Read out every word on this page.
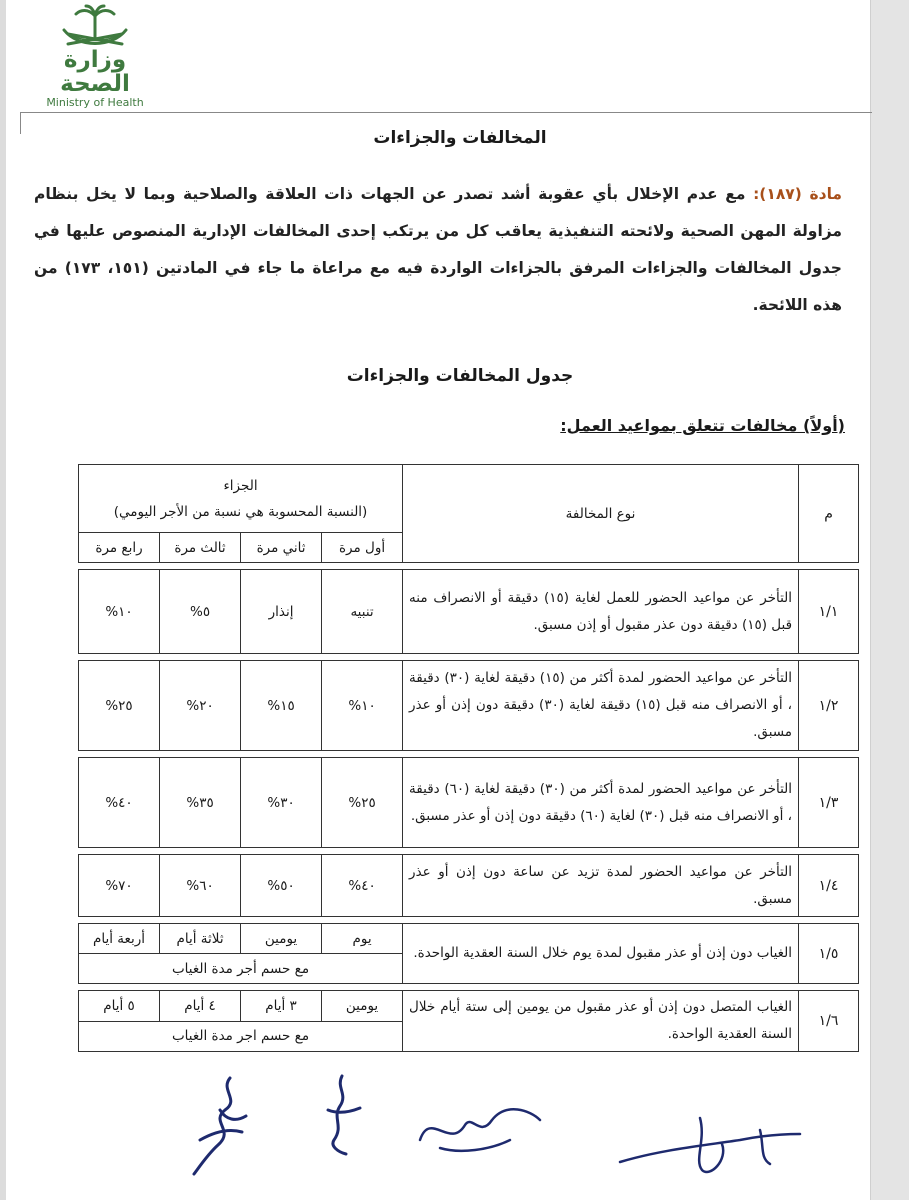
وزارة الصحة
Ministry of Health
المخالفات والجزاءات
مادة (١٨٧): مع عدم الإخلال بأي عقوبة أشد تصدر عن الجهات ذات العلاقة والصلاحية وبما لا يخل بنظام مزاولة المهن الصحية ولائحته التنفيذية يعاقب كل من يرتكب إحدى المخالفات الإدارية المنصوص عليها في جدول المخالفات والجزاءات المرفق بالجزاءات الواردة فيه مع مراعاة ما جاء في المادتين (١٥١، ١٧٣) من هذه اللائحة.
جدول المخالفات والجزاءات
(أولاً) مخالفات تتعلق بمواعيد العمل:
م	نوع المخالفة	الجزاء
(النسبة المحسوبة هي نسبة من الأجر اليومي)			

		أول مرة	ثاني مرة	ثالث مرة	رابع مرة

١/١	التأخر عن مواعيد الحضور للعمل لغاية (١٥) دقيقة أو الانصراف منه قبل (١٥) دقيقة دون عذر مقبول أو إذن مسبق.	تنبيه	إنذار	٥%	١٠%

١/٢	التأخر عن مواعيد الحضور لمدة أكثر من (١٥) دقيقة لغاية (٣٠) دقيقة ، أو الانصراف منه قبل (١٥) دقيقة لغاية (٣٠) دقيقة دون إذن أو عذر مسبق.	١٠%	١٥%	٢٠%	٢٥%

١/٣	التأخر عن مواعيد الحضور لمدة أكثر من (٣٠) دقيقة لغاية (٦٠) دقيقة ، أو الانصراف منه قبل (٣٠) لغاية (٦٠) دقيقة دون إذن أو عذر مسبق.	٢٥%	٣٠%	٣٥%	٤٠%

١/٤	التأخر عن مواعيد الحضور لمدة تزيد عن ساعة دون إذن أو عذر مسبق.	٤٠%	٥٠%	٦٠%	٧٠%

١/٥	الغياب دون إذن أو عذر مقبول لمدة يوم خلال السنة العقدية الواحدة.	يوم	يومين	ثلاثة أيام	أربعة أيام
		مع حسم أجر مدة الغياب			

١/٦	الغياب المتصل دون إذن أو عذر مقبول من يومين إلى ستة أيام خلال السنة العقدية الواحدة.	يومين	٣ أيام	٤ أيام	٥ أيام
		مع حسم اجر مدة الغياب			
